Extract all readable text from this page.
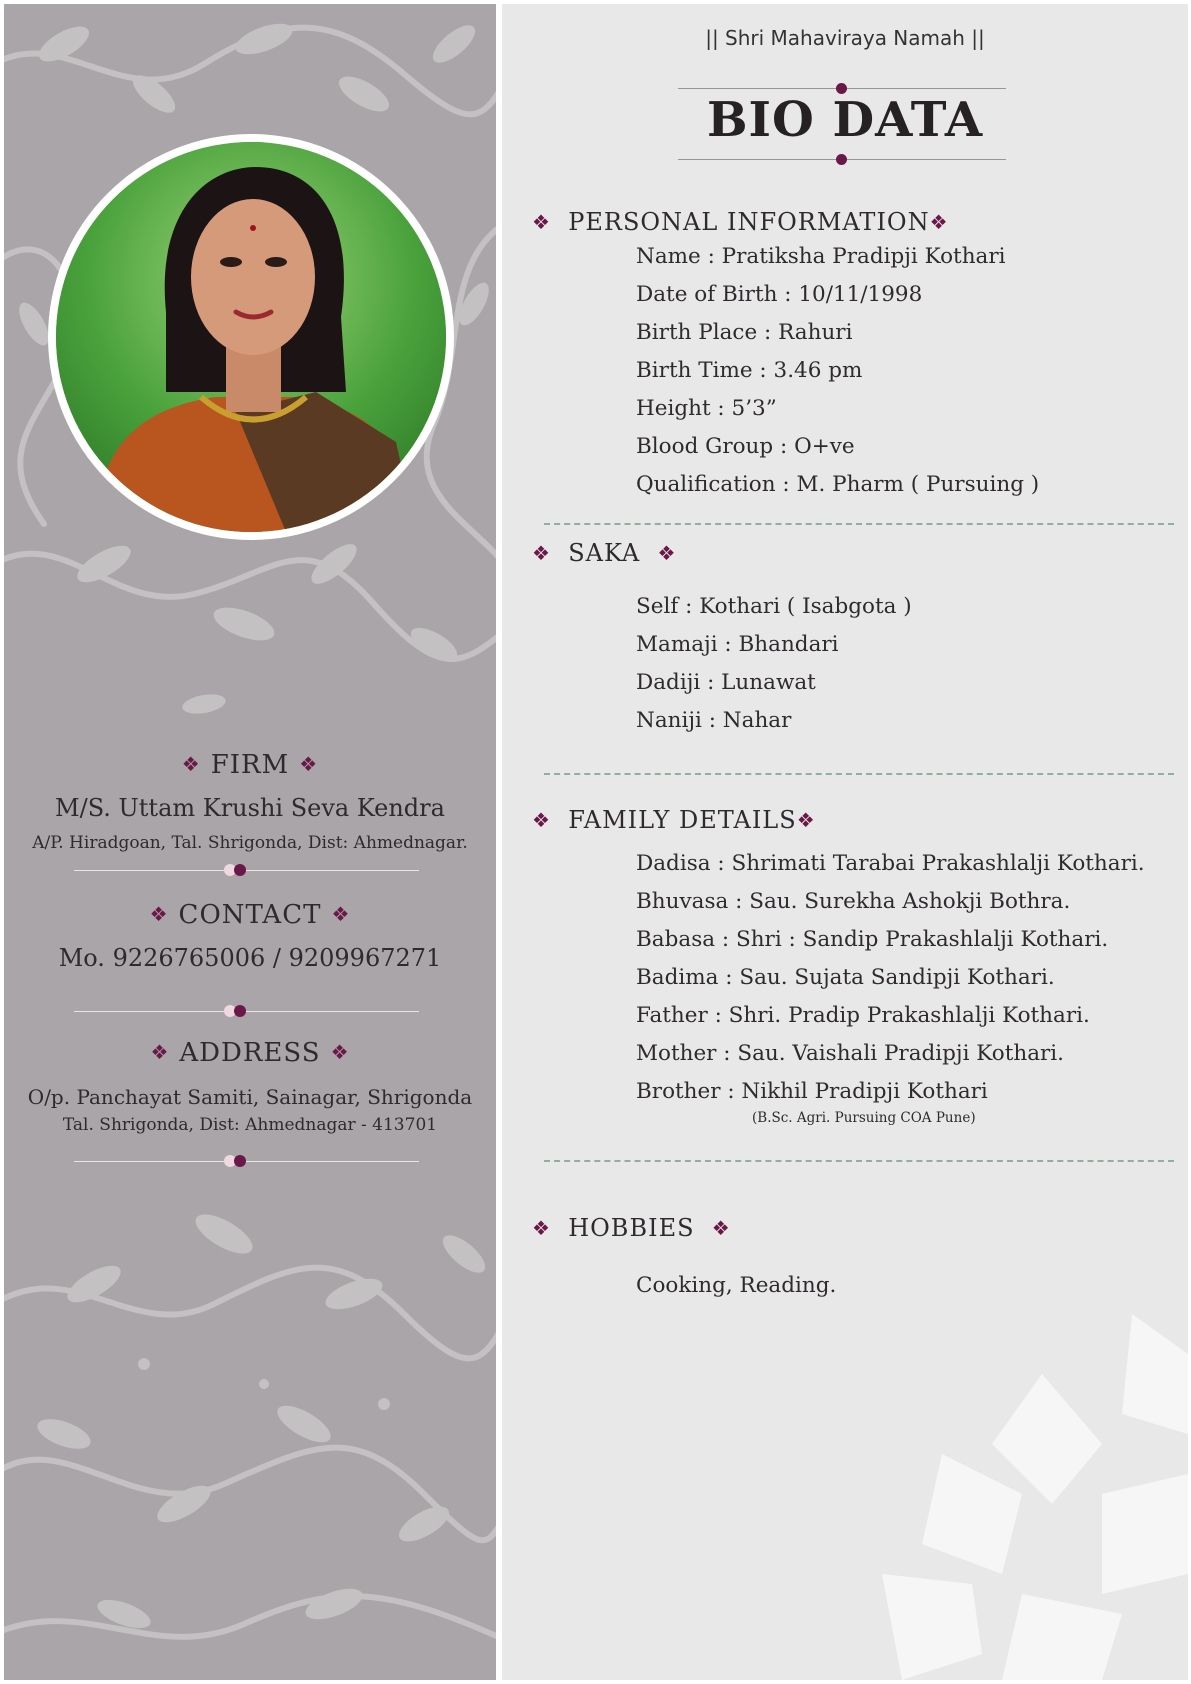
❖ FIRM ❖
M/S. Uttam Krushi Seva Kendra
A/P. Hiradgoan, Tal. Shrigonda, Dist: Ahmednagar.
❖ CONTACT ❖
Mo. 9226765006 / 9209967271
❖ ADDRESS ❖
O/p. Panchayat Samiti, Sainagar, Shrigonda
Tal. Shrigonda, Dist: Ahmednagar - 413701
|| Shri Mahaviraya Namah ||
BIO DATA
❖ PERSONAL INFORMATION❖
Name : Pratiksha Pradipji Kothari
Date of Birth : 10/11/1998
Birth Place : Rahuri
Birth Time : 3.46 pm
Height : 5’3”
Blood Group : O+ve
Qualification : M. Pharm ( Pursuing )
❖ SAKA ❖
Self : Kothari ( Isabgota )
Mamaji : Bhandari
Dadiji : Lunawat
Naniji : Nahar
❖ FAMILY DETAILS❖
Dadisa : Shrimati Tarabai Prakashlalji Kothari.
Bhuvasa : Sau. Surekha Ashokji Bothra.
Babasa : Shri : Sandip Prakashlalji Kothari.
Badima : Sau. Sujata Sandipji Kothari.
Father : Shri. Pradip Prakashlalji Kothari.
Mother : Sau. Vaishali Pradipji Kothari.
Brother : Nikhil Pradipji Kothari
(B.Sc. Agri. Pursuing COA Pune)
❖ HOBBIES ❖
Cooking, Reading.
